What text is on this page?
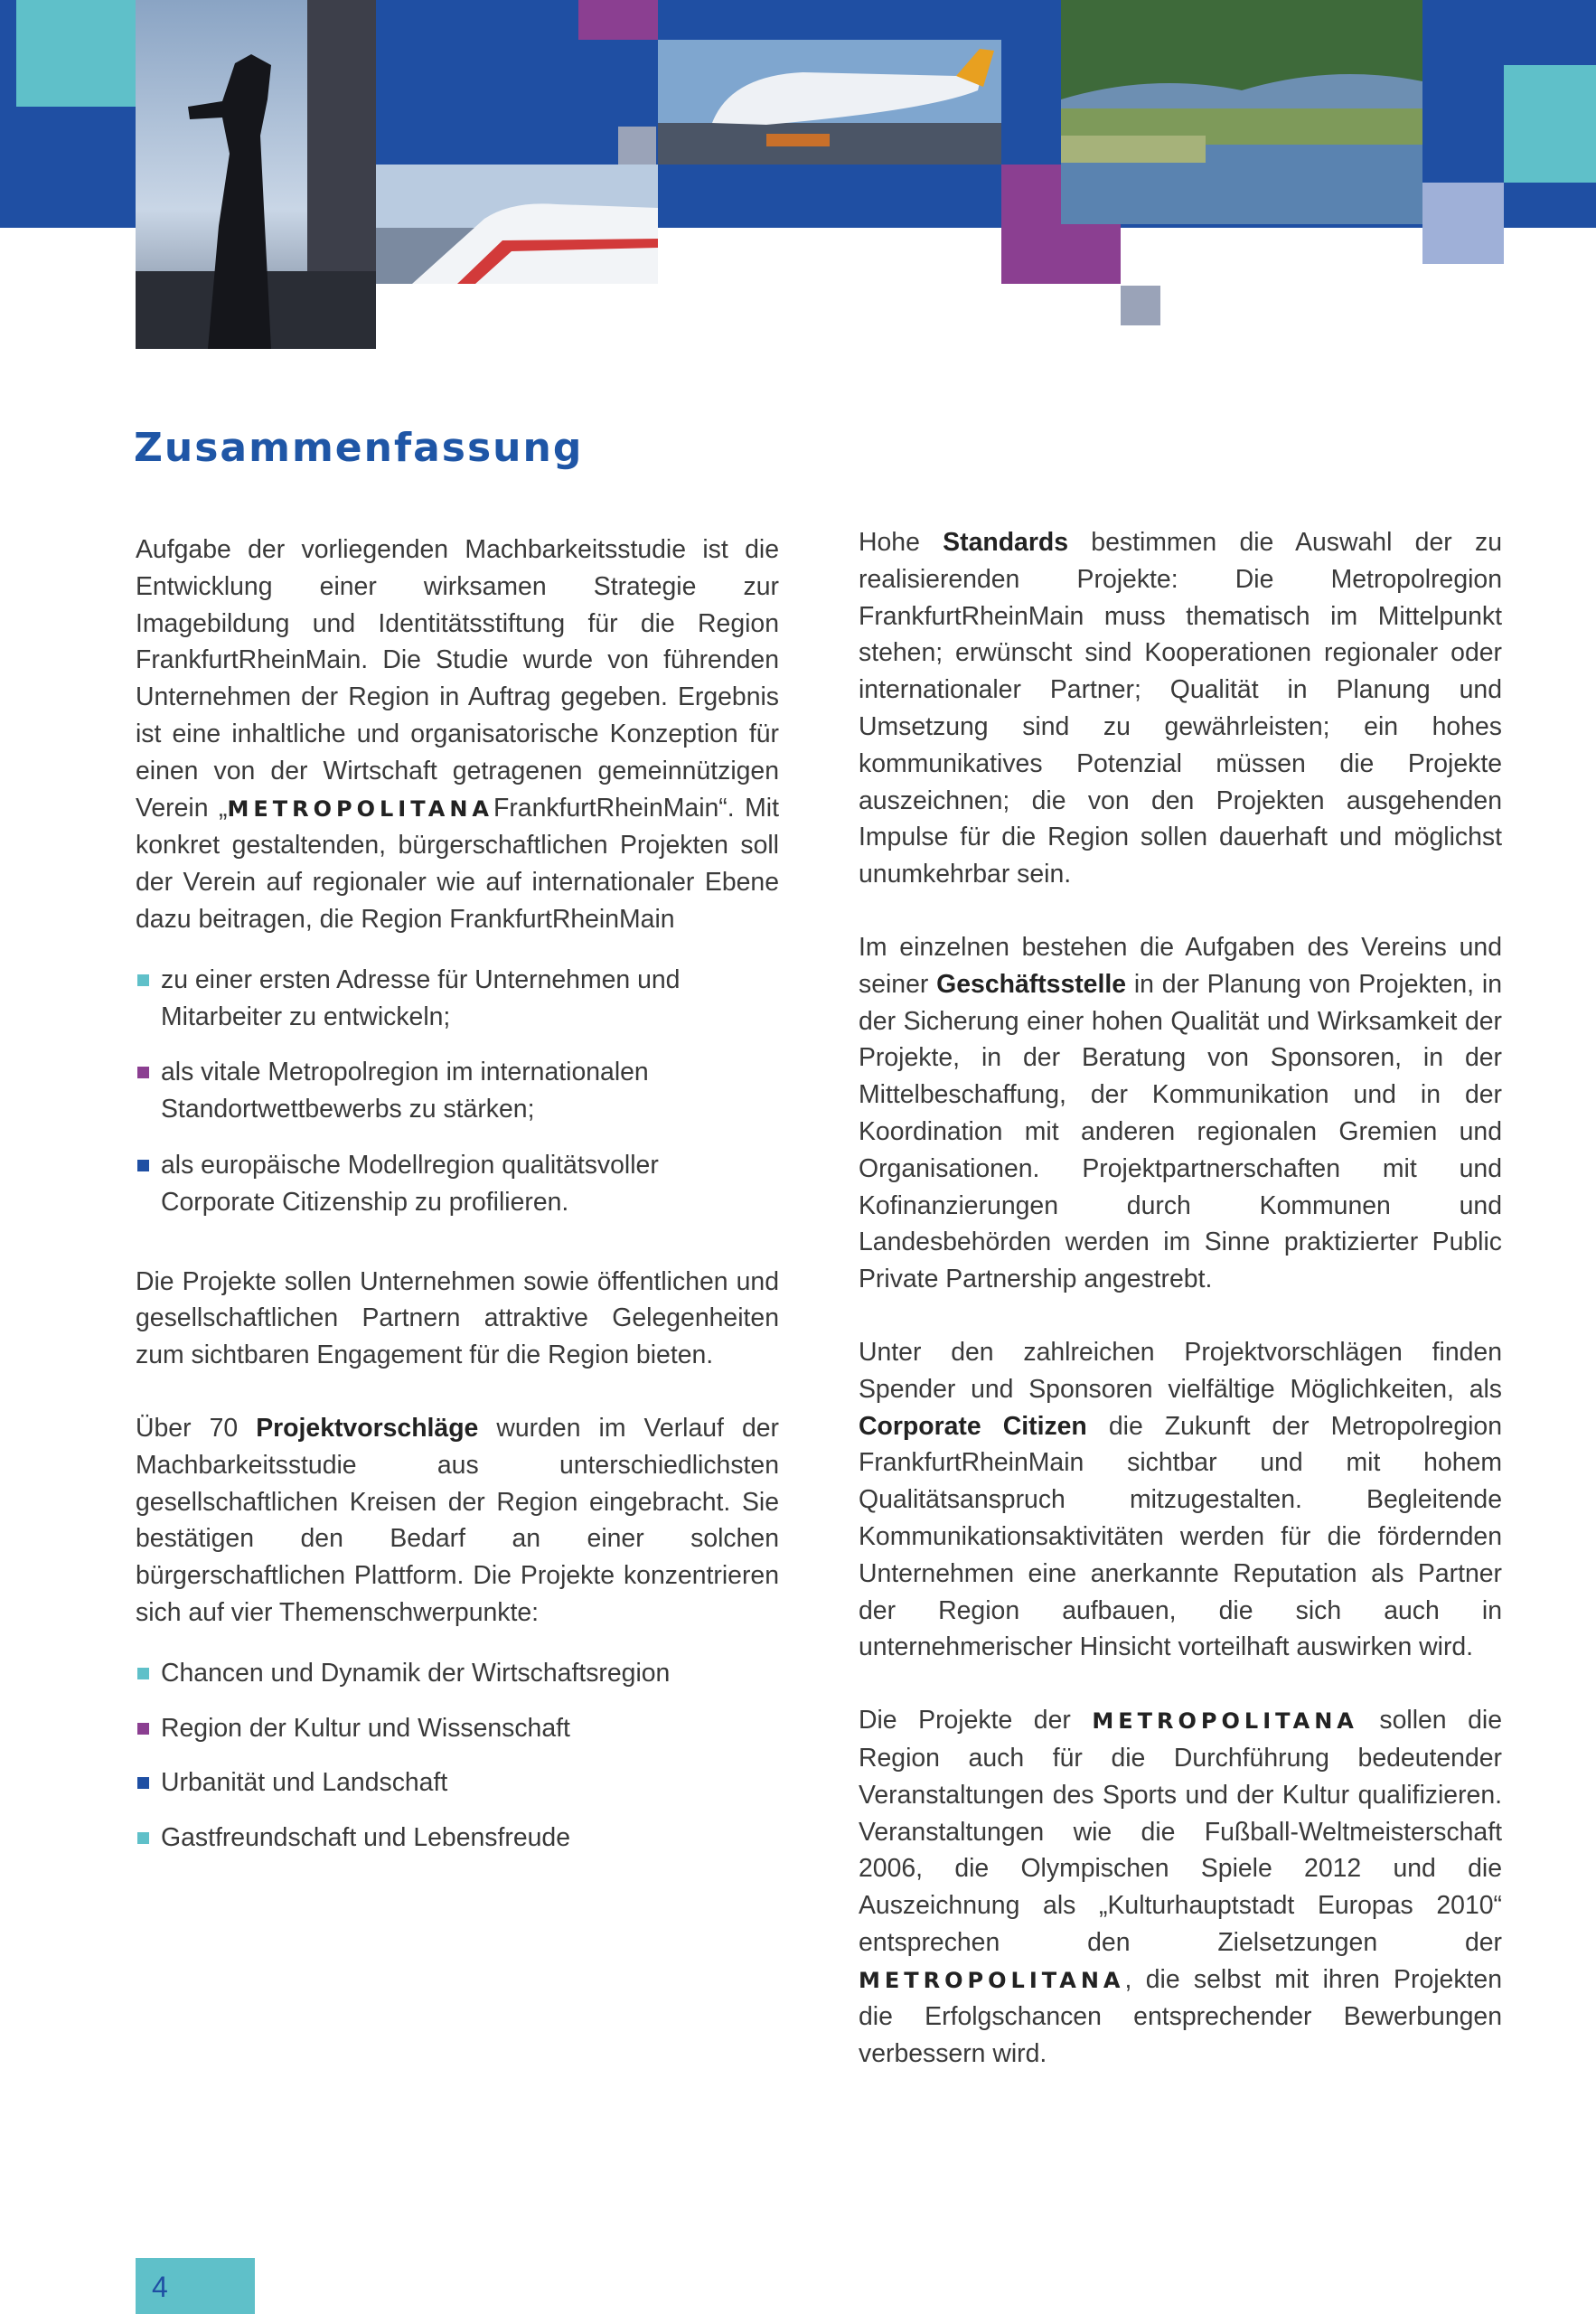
Zusammenfassung

Aufgabe der vorliegenden Machbarkeitsstudie ist die Entwicklung einer wirksamen Strategie zur Imagebildung und Identitätsstiftung für die Region FrankfurtRheinMain. Die Studie wurde von führenden Unternehmen der Region in Auftrag gegeben. Ergebnis ist eine inhaltliche und organisatorische Konzeption für einen von der Wirtschaft getragenen gemeinnützigen Verein „METROPOLITANAFrankfurtRheinMain“. Mit konkret gestaltenden, bürgerschaftlichen Projekten soll der Verein auf regionaler wie auf internationaler Ebene dazu beitragen, die Region FrankfurtRheinMain

zu einer ersten Adresse für Unternehmen und Mitarbeiter zu entwickeln;
als vitale Metropolregion im internationalen Standortwettbewerbs zu stärken;
als europäische Modellregion qualitätsvoller Corporate Citizenship zu profilieren.

Die Projekte sollen Unternehmen sowie öffentlichen und gesellschaftlichen Partnern attraktive Gelegenheiten zum sichtbaren Engagement für die Region bieten.

Über 70 Projektvorschläge wurden im Verlauf der Machbarkeitsstudie aus unterschiedlichsten gesellschaftlichen Kreisen der Region eingebracht. Sie bestätigen den Bedarf an einer solchen bürgerschaftlichen Plattform. Die Projekte konzentrieren sich auf vier Themenschwerpunkte:

Chancen und Dynamik der Wirtschaftsregion
Region der Kultur und Wissenschaft
Urbanität und Landschaft
Gastfreundschaft und Lebensfreude

Hohe Standards bestimmen die Auswahl der zu realisierenden Projekte: Die Metropolregion FrankfurtRheinMain muss thematisch im Mittelpunkt stehen; erwünscht sind Kooperationen regionaler oder internationaler Partner; Qualität in Planung und Umsetzung sind zu gewährleisten; ein hohes kommunikatives Potenzial müssen die Projekte auszeichnen; die von den Projekten ausgehenden Impulse für die Region sollen dauerhaft und möglichst unumkehrbar sein.

Im einzelnen bestehen die Aufgaben des Vereins und seiner Geschäftsstelle in der Planung von Projekten, in der Sicherung einer hohen Qualität und Wirksamkeit der Projekte, in der Beratung von Sponsoren, in der Mittelbeschaffung, der Kommunikation und in der Koordination mit anderen regionalen Gremien und Organisationen. Projektpartnerschaften mit und Kofinanzierungen durch Kommunen und Landesbehörden werden im Sinne praktizierter Public Private Partnership angestrebt.

Unter den zahlreichen Projektvorschlägen finden Spender und Sponsoren vielfältige Möglichkeiten, als Corporate Citizen die Zukunft der Metropolregion FrankfurtRheinMain sichtbar und mit hohem Qualitätsanspruch mitzugestalten. Begleitende Kommunikationsaktivitäten werden für die fördernden Unternehmen eine anerkannte Reputation als Partner der Region aufbauen, die sich auch in unternehmerischer Hinsicht vorteilhaft auswirken wird.

Die Projekte der METROPOLITANA sollen die Region auch für die Durchführung bedeutender Veranstaltungen des Sports und der Kultur qualifizieren. Veranstaltungen wie die Fußball-Weltmeisterschaft 2006, die Olympischen Spiele 2012 und die Auszeichnung als „Kulturhauptstadt Europas 2010“ entsprechen den Zielsetzungen der METROPOLITANA, die selbst mit ihren Projekten die Erfolgschancen entsprechender Bewerbungen verbessern wird.

4
